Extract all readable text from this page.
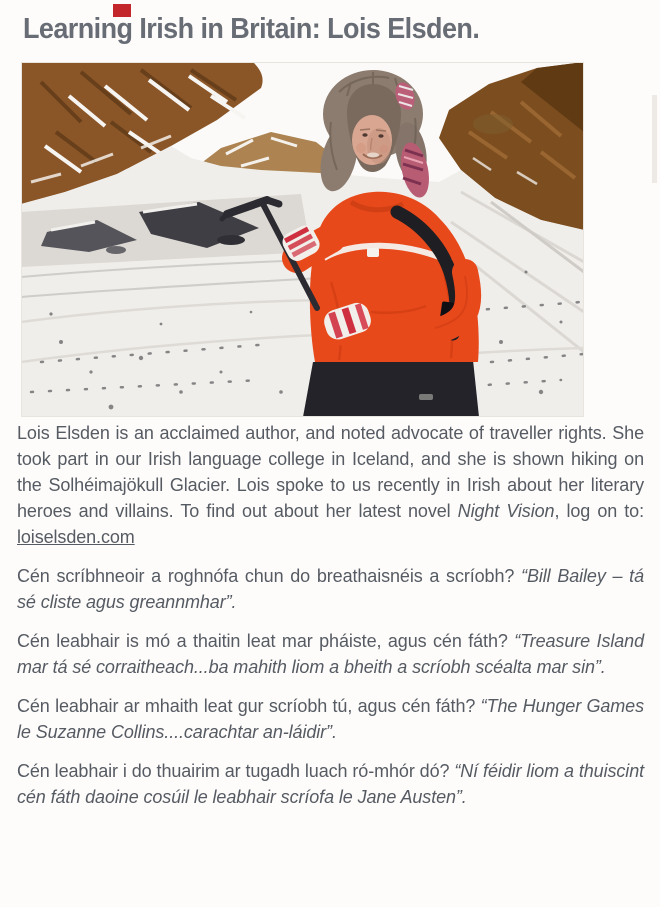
Learning Irish in Britain: Lois Elsden.

Lois Elsden is an acclaimed author, and noted advocate of traveller rights. She took part in our Irish language college in Iceland, and she is shown hiking on the Solhéimajökull Glacier. Lois spoke to us recently in Irish about her literary heroes and villains. To find out about her latest novel Night Vision, log on to: loiselsden.com

Cén scríbhneoir a roghnófa chun do breathaisnéis a scríobh? “Bill Bailey – tá sé cliste agus greannmhar”.

Cén leabhair is mó a thaitin leat mar pháiste, agus cén fáth? “Treasure Island mar tá sé corraitheach...ba mahith liom a bheith a scríobh scéalta mar sin”.

Cén leabhair ar mhaith leat gur scríobh tú, agus cén fáth? “The Hunger Games le Suzanne Collins....carachtar an-láidir”.

Cén leabhair i do thuairim ar tugadh luach ró-mhór dó? “Ní féidir liom a thuiscint cén fáth daoine cosúil le leabhair scríofa le Jane Austen”.
